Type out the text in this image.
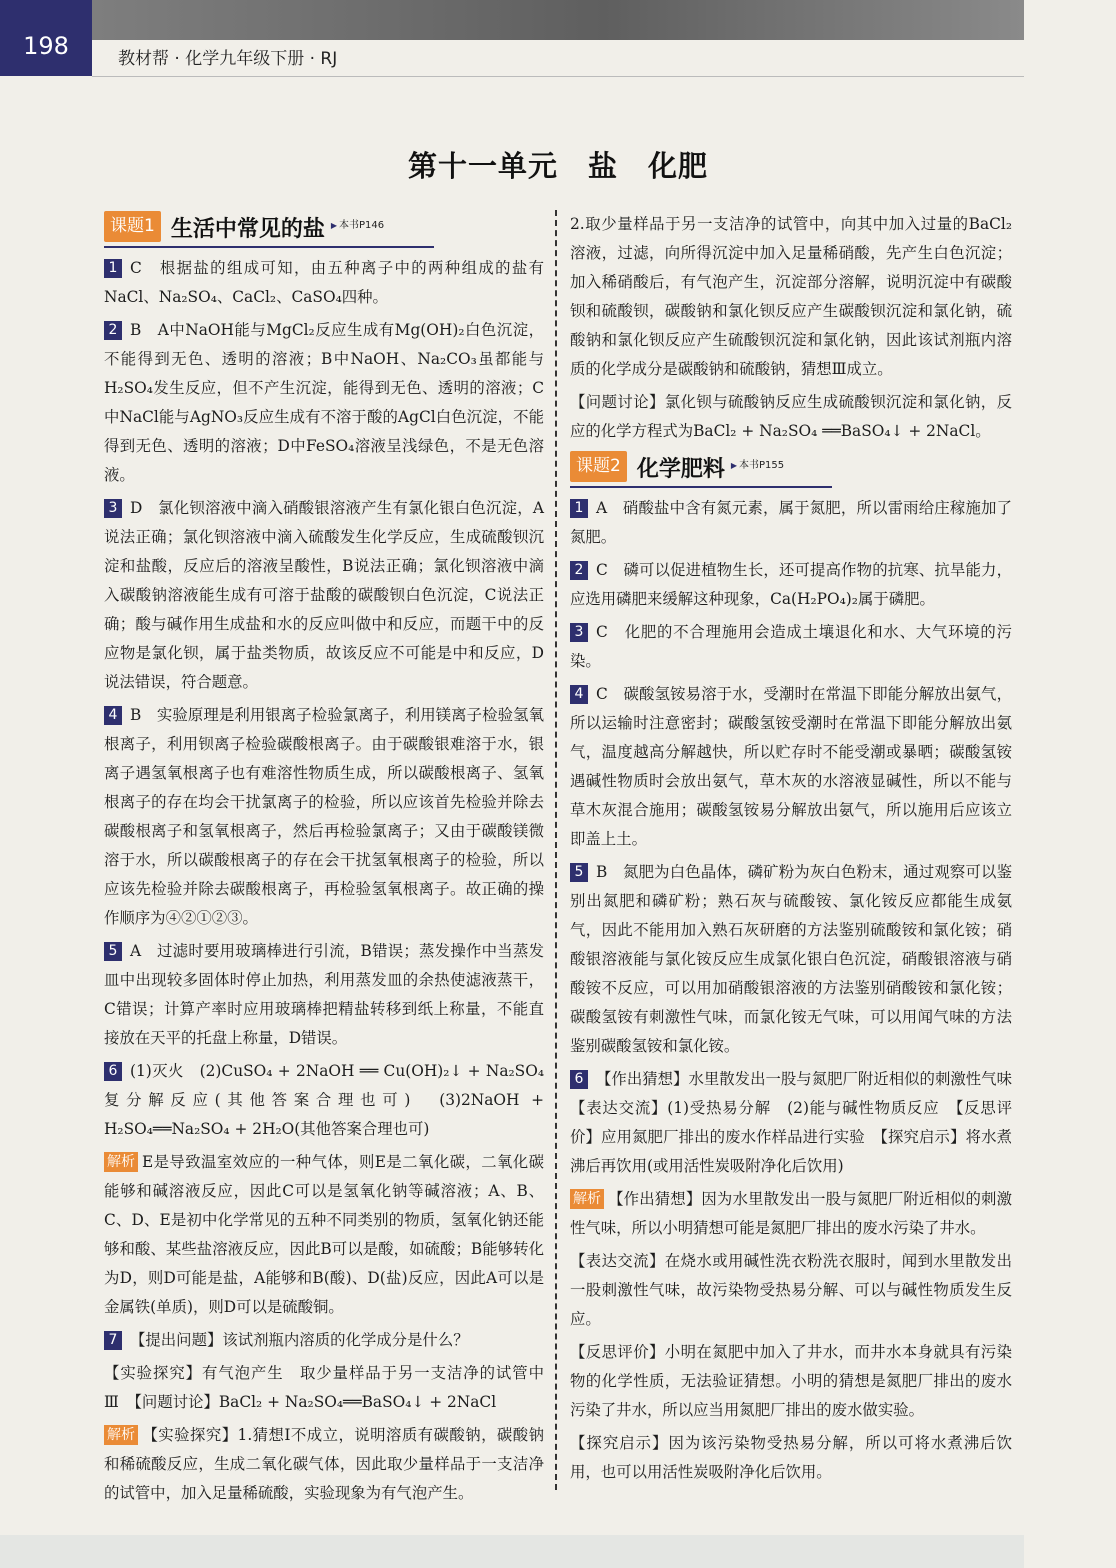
198	教材帮 · 化学九年级下册 · RJ
第十一单元　盐　化肥
课题1 生活中常见的盐	▶ 本书P146

1 C　根据盐的组成可知，由五种离子中的两种组成的盐有NaCl、Na₂SO₄、CaCl₂、CaSO₄四种。

2 B　A中NaOH能与MgCl₂反应生成有Mg(OH)₂白色沉淀，不能得到无色、透明的溶液；B中NaOH、Na₂CO₃虽都能与H₂SO₄发生反应，但不产生沉淀，能得到无色、透明的溶液；C中NaCl能与AgNO₃反应生成有不溶于酸的AgCl白色沉淀，不能得到无色、透明的溶液；D中FeSO₄溶液呈浅绿色，不是无色溶液。

3 D　氯化钡溶液中滴入硝酸银溶液产生有氯化银白色沉淀，A说法正确；氯化钡溶液中滴入硫酸发生化学反应，生成硫酸钡沉淀和盐酸，反应后的溶液呈酸性，B说法正确；氯化钡溶液中滴入碳酸钠溶液能生成有可溶于盐酸的碳酸钡白色沉淀，C说法正确；酸与碱作用生成盐和水的反应叫做中和反应，而题干中的反应物是氯化钡，属于盐类物质，故该反应不可能是中和反应，D说法错误，符合题意。

4 B　实验原理是利用银离子检验氯离子，利用镁离子检验氢氧根离子，利用钡离子检验碳酸根离子。由于碳酸银难溶于水，银离子遇氢氧根离子也有难溶性物质生成，所以碳酸根离子、氢氧根离子的存在均会干扰氯离子的检验，所以应该首先检验并除去碳酸根离子和氢氧根离子，然后再检验氯离子；又由于碳酸镁微溶于水，所以碳酸根离子的存在会干扰氢氧根离子的检验，所以应该先检验并除去碳酸根离子，再检验氢氧根离子。故正确的操作顺序为④②①②③。

5 A　过滤时要用玻璃棒进行引流，B错误；蒸发操作中当蒸发皿中出现较多固体时停止加热，利用蒸发皿的余热使滤液蒸干，C错误；计算产率时应用玻璃棒把精盐转移到纸上称量，不能直接放在天平的托盘上称量，D错误。

6 (1)灭火　(2)CuSO₄ + 2NaOH ══ Cu(OH)₂↓ + Na₂SO₄　复分解反应(其他答案合理也可)　(3)2NaOH + H₂SO₄══Na₂SO₄ + 2H₂O(其他答案合理也可)

解析 E是导致温室效应的一种气体，则E是二氧化碳，二氧化碳能够和碱溶液反应，因此C可以是氢氧化钠等碱溶液；A、B、C、D、E是初中化学常见的五种不同类别的物质，氢氧化钠还能够和酸、某些盐溶液反应，因此B可以是酸，如硫酸；B能够转化为D，则D可能是盐，A能够和B(酸)、D(盐)反应，因此A可以是金属铁(单质)，则D可以是硫酸铜。

7 【提出问题】该试剂瓶内溶质的化学成分是什么？

【实验探究】有气泡产生　取少量样品于另一支洁净的试管中　Ⅲ　【问题讨论】BaCl₂ + Na₂SO₄══BaSO₄↓ + 2NaCl

解析 【实验探究】1.猜想Ⅰ不成立，说明溶质有碳酸钠，碳酸钠和稀硫酸反应，生成二氧化碳气体，因此取少量样品于一支洁净的试管中，加入足量稀硫酸，实验现象为有气泡产生。

2.取少量样品于另一支洁净的试管中，向其中加入过量的BaCl₂溶液，过滤，向所得沉淀中加入足量稀硝酸，先产生白色沉淀；加入稀硝酸后，有气泡产生，沉淀部分溶解，说明沉淀中有碳酸钡和硫酸钡，碳酸钠和氯化钡反应产生碳酸钡沉淀和氯化钠，硫酸钠和氯化钡反应产生硫酸钡沉淀和氯化钠，因此该试剂瓶内溶质的化学成分是碳酸钠和硫酸钠，猜想Ⅲ成立。

【问题讨论】氯化钡与硫酸钠反应生成硫酸钡沉淀和氯化钠，反应的化学方程式为BaCl₂ + Na₂SO₄ ══BaSO₄↓ + 2NaCl。

课题2 化学肥料	▶ 本书P155

1 A　硝酸盐中含有氮元素，属于氮肥，所以雷雨给庄稼施加了氮肥。

2 C　磷可以促进植物生长，还可提高作物的抗寒、抗旱能力，应选用磷肥来缓解这种现象，Ca(H₂PO₄)₂属于磷肥。

3 C　化肥的不合理施用会造成土壤退化和水、大气环境的污染。

4 C　碳酸氢铵易溶于水，受潮时在常温下即能分解放出氨气，所以运输时注意密封；碳酸氢铵受潮时在常温下即能分解放出氨气，温度越高分解越快，所以贮存时不能受潮或暴晒；碳酸氢铵遇碱性物质时会放出氨气，草木灰的水溶液显碱性，所以不能与草木灰混合施用；碳酸氢铵易分解放出氨气，所以施用后应该立即盖上土。

5 B　氮肥为白色晶体，磷矿粉为灰白色粉末，通过观察可以鉴别出氮肥和磷矿粉；熟石灰与硫酸铵、氯化铵反应都能生成氨气，因此不能用加入熟石灰研磨的方法鉴别硫酸铵和氯化铵；硝酸银溶液能与氯化铵反应生成氯化银白色沉淀，硝酸银溶液与硝酸铵不反应，可以用加硝酸银溶液的方法鉴别硝酸铵和氯化铵；碳酸氢铵有刺激性气味，而氯化铵无气味，可以用闻气味的方法鉴别碳酸氢铵和氯化铵。

6 【作出猜想】水里散发出一股与氮肥厂附近相似的刺激性气味　【表达交流】(1)受热易分解　(2)能与碱性物质反应　【反思评价】应用氮肥厂排出的废水作样品进行实验　【探究启示】将水煮沸后再饮用(或用活性炭吸附净化后饮用)

解析 【作出猜想】因为水里散发出一股与氮肥厂附近相似的刺激性气味，所以小明猜想可能是氮肥厂排出的废水污染了井水。

【表达交流】在烧水或用碱性洗衣粉洗衣服时，闻到水里散发出一股刺激性气味，故污染物受热易分解、可以与碱性物质发生反应。

【反思评价】小明在氮肥中加入了井水，而井水本身就具有污染物的化学性质，无法验证猜想。小明的猜想是氮肥厂排出的废水污染了井水，所以应当用氮肥厂排出的废水做实验。

【探究启示】因为该污染物受热易分解，所以可将水煮沸后饮用，也可以用活性炭吸附净化后饮用。
